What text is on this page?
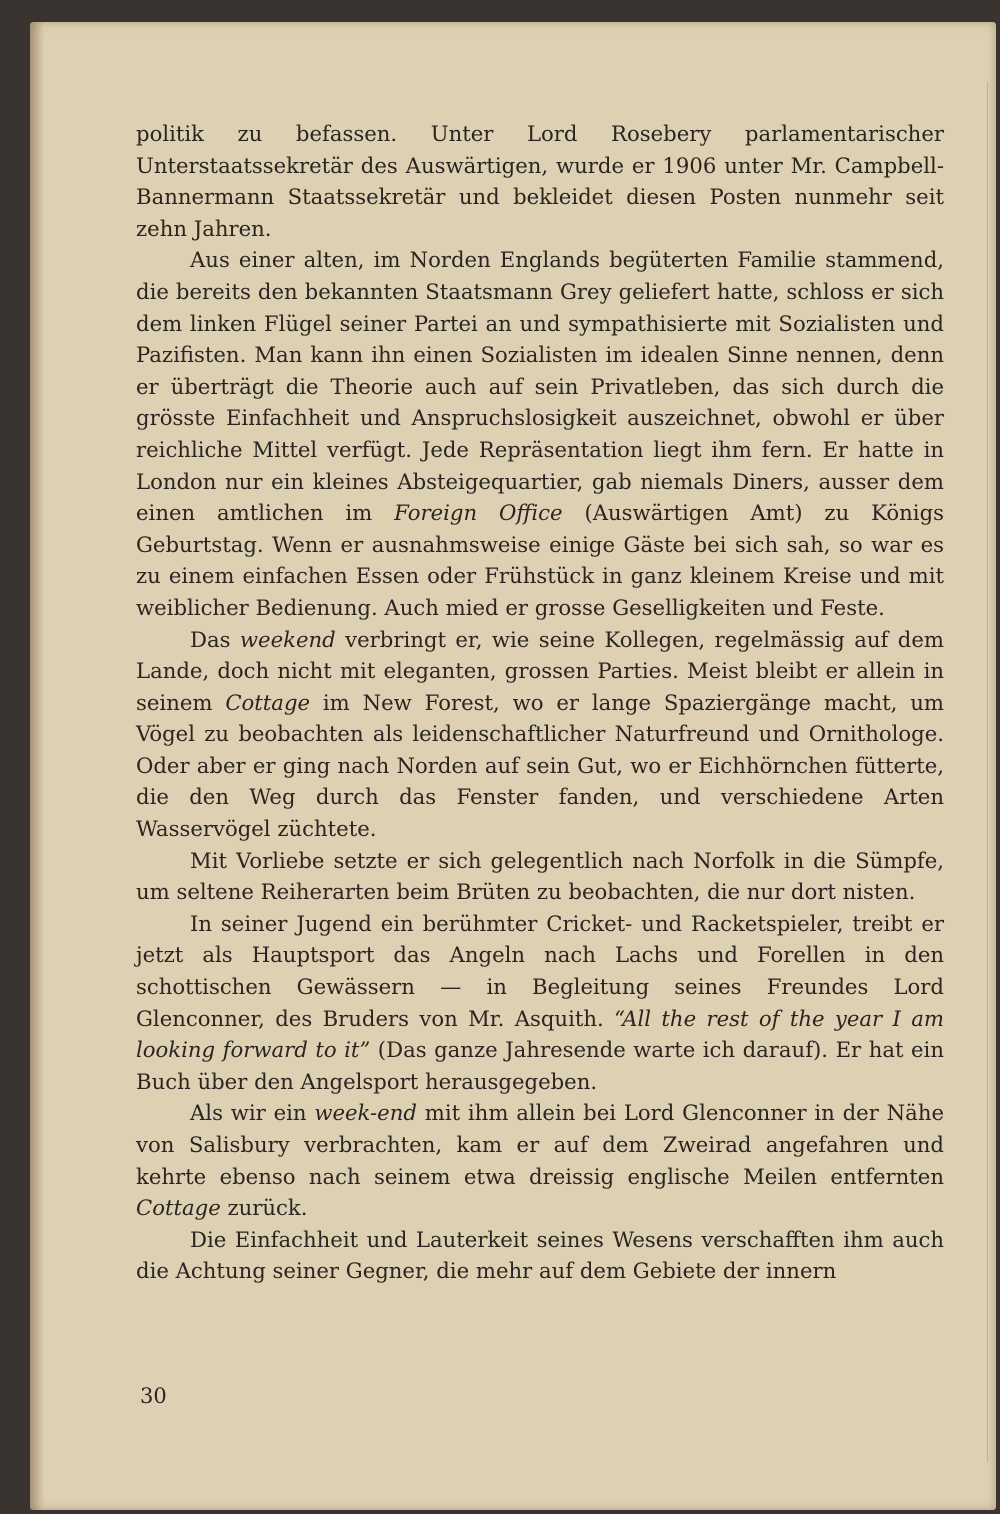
politik zu befassen. Unter Lord Rosebery parlamentarischer Unterstaatssekretär des Auswärtigen, wurde er 1906 unter Mr. Campbell-Bannermann Staatssekretär und bekleidet diesen Posten nunmehr seit zehn Jahren.

Aus einer alten, im Norden Englands begüterten Familie stammend, die bereits den bekannten Staatsmann Grey geliefert hatte, schloss er sich dem linken Flügel seiner Partei an und sympathisierte mit Sozialisten und Pazifisten. Man kann ihn einen Sozialisten im idealen Sinne nennen, denn er überträgt die Theorie auch auf sein Privatleben, das sich durch die grösste Einfachheit und Anspruchslosigkeit auszeichnet, obwohl er über reichliche Mittel verfügt. Jede Repräsentation liegt ihm fern. Er hatte in London nur ein kleines Absteigequartier, gab niemals Diners, ausser dem einen amtlichen im Foreign Office (Auswärtigen Amt) zu Königs Geburtstag. Wenn er ausnahmsweise einige Gäste bei sich sah, so war es zu einem einfachen Essen oder Frühstück in ganz kleinem Kreise und mit weiblicher Bedienung. Auch mied er grosse Geselligkeiten und Feste.

Das weekend verbringt er, wie seine Kollegen, regelmässig auf dem Lande, doch nicht mit eleganten, grossen Parties. Meist bleibt er allein in seinem Cottage im New Forest, wo er lange Spaziergänge macht, um Vögel zu beobachten als leidenschaftlicher Naturfreund und Ornithologe. Oder aber er ging nach Norden auf sein Gut, wo er Eichhörnchen fütterte, die den Weg durch das Fenster fanden, und verschiedene Arten Wasservögel züchtete.

Mit Vorliebe setzte er sich gelegentlich nach Norfolk in die Sümpfe, um seltene Reiherarten beim Brüten zu beobachten, die nur dort nisten.

In seiner Jugend ein berühmter Cricket- und Racketspieler, treibt er jetzt als Hauptsport das Angeln nach Lachs und Forellen in den schottischen Gewässern — in Begleitung seines Freundes Lord Glenconner, des Bruders von Mr. Asquith. “All the rest of the year I am looking forward to it” (Das ganze Jahresende warte ich darauf). Er hat ein Buch über den Angelsport herausgegeben.

Als wir ein week-end mit ihm allein bei Lord Glenconner in der Nähe von Salisbury verbrachten, kam er auf dem Zweirad angefahren und kehrte ebenso nach seinem etwa dreissig englische Meilen entfernten Cottage zurück.

Die Einfachheit und Lauterkeit seines Wesens verschafften ihm auch die Achtung seiner Gegner, die mehr auf dem Gebiete der innern

30
